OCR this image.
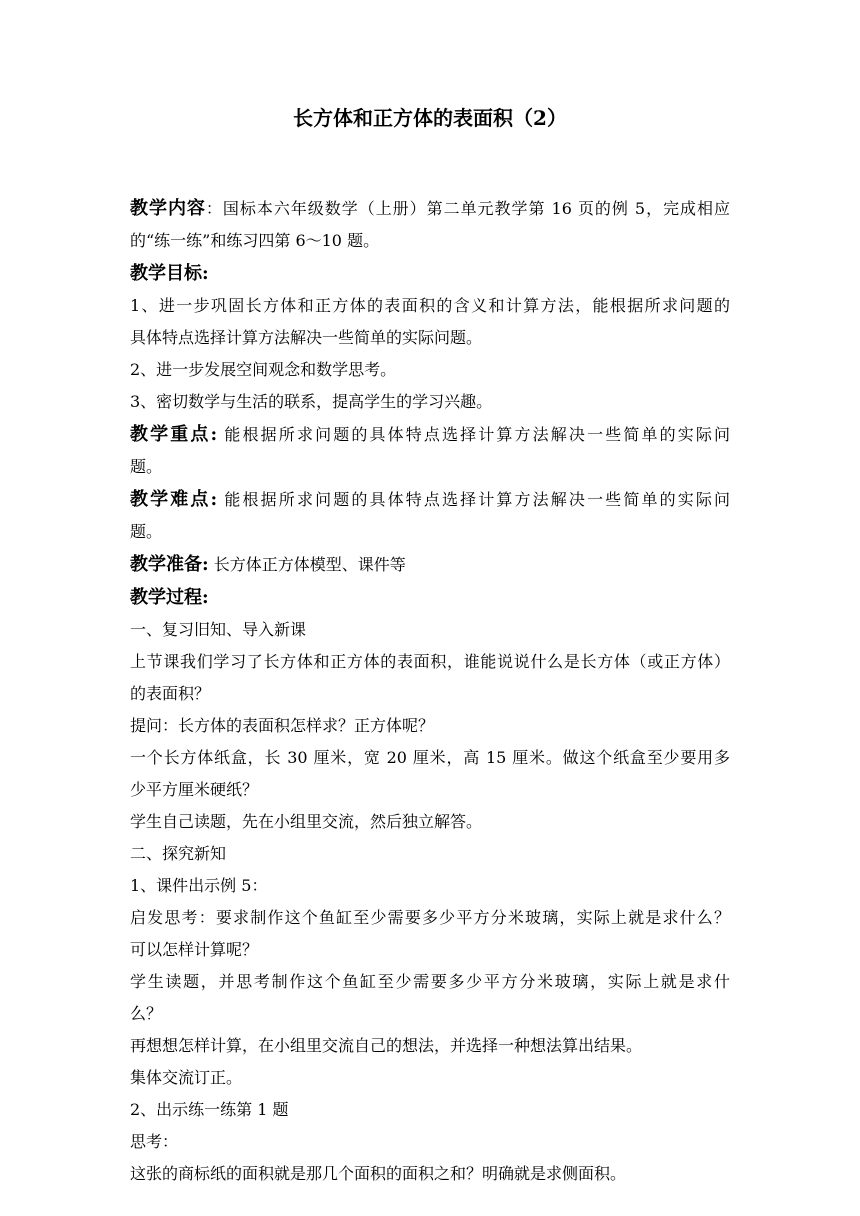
长方体和正方体的表面积（2）
教学内容：国标本六年级数学（上册）第二单元教学第 16 页的例 5，完成相应
的“练一练”和练习四第 6～10 题。
教学目标:
1、进一步巩固长方体和正方体的表面积的含义和计算方法，能根据所求问题的
具体特点选择计算方法解决一些简单的实际问题。
2、进一步发展空间观念和数学思考。
3、密切数学与生活的联系，提高学生的学习兴趣。
教学重点: 能根据所求问题的具体特点选择计算方法解决一些简单的实际问
题。
教学难点: 能根据所求问题的具体特点选择计算方法解决一些简单的实际问
题。
教学准备: 长方体正方体模型、课件等
教学过程:
一、复习旧知、导入新课
上节课我们学习了长方体和正方体的表面积，谁能说说什么是长方体（或正方体）
的表面积？
提问：长方体的表面积怎样求？正方体呢？
一个长方体纸盒，长 30 厘米，宽 20 厘米，高 15 厘米。做这个纸盒至少要用多
少平方厘米硬纸？
学生自己读题，先在小组里交流，然后独立解答。
二、探究新知
1、课件出示例 5：
启发思考：要求制作这个鱼缸至少需要多少平方分米玻璃，实际上就是求什么？
可以怎样计算呢？
学生读题，并思考制作这个鱼缸至少需要多少平方分米玻璃，实际上就是求什
么？
再想想怎样计算，在小组里交流自己的想法，并选择一种想法算出结果。
集体交流订正。
2、出示练一练第 1 题
思考：
这张的商标纸的面积就是那几个面积的面积之和？明确就是求侧面积。
